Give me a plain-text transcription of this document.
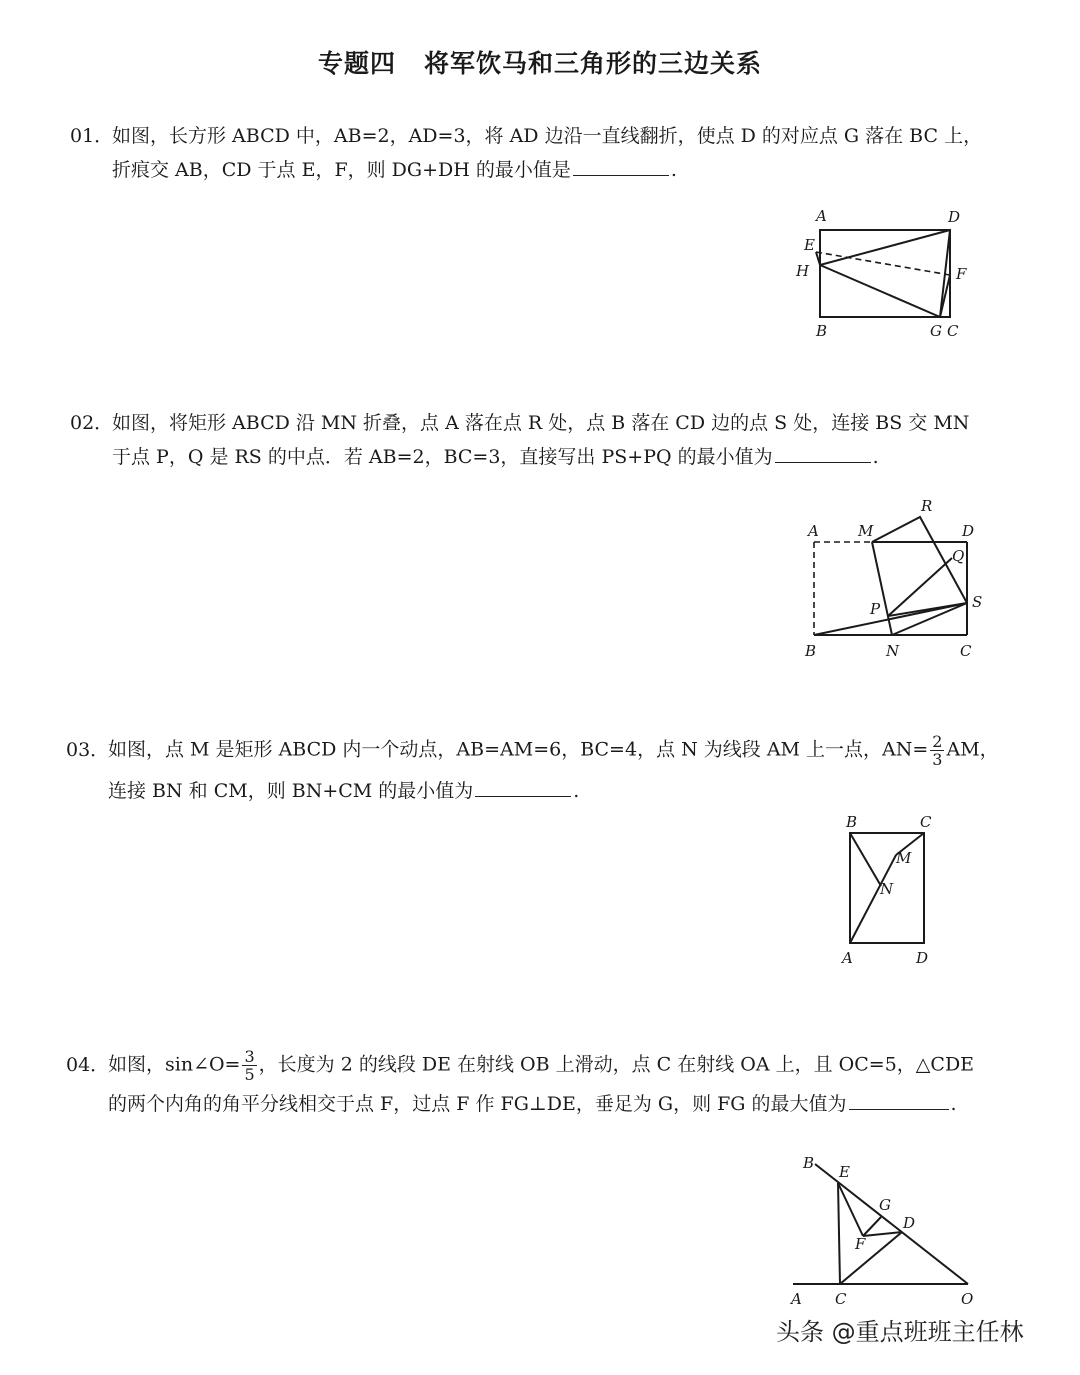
专题四 将军饮马和三角形的三边关系
01．如图，长方形 ABCD 中，AB=2，AD=3，将 AD 边沿一直线翻折，使点 D 的对应点 G 落在 BC 上，
折痕交 AB，CD 于点 E，F，则 DG+DH 的最小值是	.
A	D
E
H	F
B	G C
02．如图，将矩形 ABCD 沿 MN 折叠，点 A 落在点 R 处，点 B 落在 CD 边的点 S 处，连接 BS 交 MN
于点 P，Q 是 RS 的中点．若 AB=2，BC=3，直接写出 PS+PQ 的最小值为	.
A	M
R
D
Q
S
P
B	N	C
03．如图，点 M 是矩形 ABCD 内一个动点，AB=AM=6，BC=4，点 N 为线段 AM 上一点，$AN= \frac{2}{3}$ AM，
连接 BN 和 CM，则 BN+CM 的最小值为	.
B	C
M
N
A	D
04．如图，sin∠O= $\frac{3}{5}$ ，长度为 2 的线段 DE 在射线 OB 上滑动，点 C 在射线 OA 上，且 OC=5，△CDE
的两个内角的角平分线相交于点 F，过点 F 作 FG⊥DE，垂足为 G，则 FG 的最大值为	.
B E
G
D
F
A C	O
头条 @重点班班主任林
